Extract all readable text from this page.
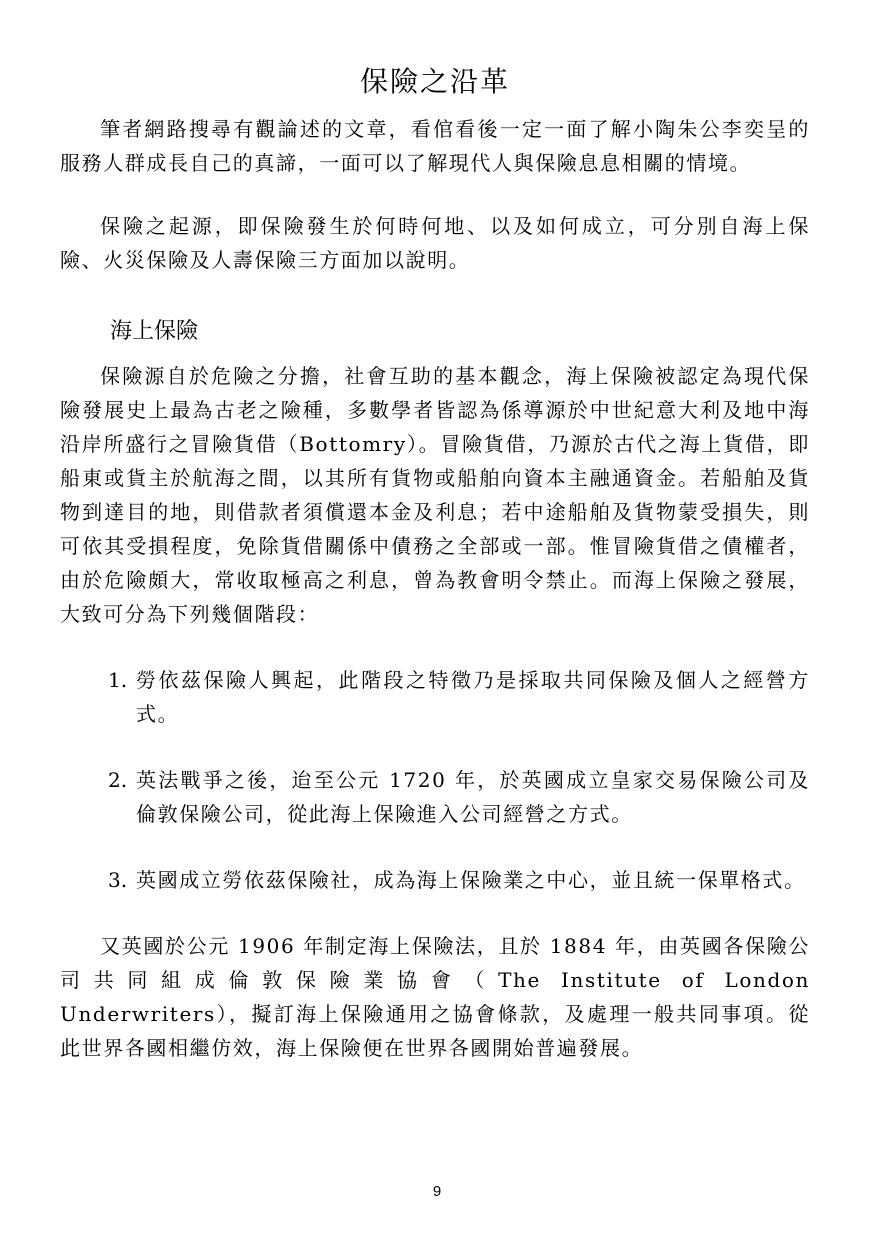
保險之沿革

筆者網路搜尋有觀論述的文章，看倌看後一定一面了解小陶朱公李奕呈的服務人群成長自己的真諦，一面可以了解現代人與保險息息相關的情境。

保險之起源，即保險發生於何時何地、以及如何成立，可分別自海上保險、火災保險及人壽保險三方面加以說明。

海上保險

保險源自於危險之分擔，社會互助的基本觀念，海上保險被認定為現代保險發展史上最為古老之險種，多數學者皆認為係導源於中世紀意大利及地中海沿岸所盛行之冒險貨借（Bottomry）。冒險貨借，乃源於古代之海上貨借，即船東或貨主於航海之間，以其所有貨物或船舶向資本主融通資金。若船舶及貨物到達目的地，則借款者須償還本金及利息；若中途船舶及貨物蒙受損失，則可依其受損程度，免除貨借關係中債務之全部或一部。惟冒險貨借之債權者，由於危險頗大，常收取極高之利息，曾為教會明令禁止。而海上保險之發展，大致可分為下列幾個階段：

1. 勞依茲保險人興起，此階段之特徵乃是採取共同保險及個人之經營方式。
2. 英法戰爭之後，迨至公元 1720 年，於英國成立皇家交易保險公司及倫敦保險公司，從此海上保險進入公司經營之方式。
3. 英國成立勞依茲保險社，成為海上保險業之中心，並且統一保單格式。

又英國於公元 1906 年制定海上保險法，且於 1884 年，由英國各保險公司共同組成倫敦保險業協會（The Institute of London Underwriters），擬訂海上保險通用之協會條款，及處理一般共同事項。從此世界各國相繼仿效，海上保險便在世界各國開始普遍發展。

9
